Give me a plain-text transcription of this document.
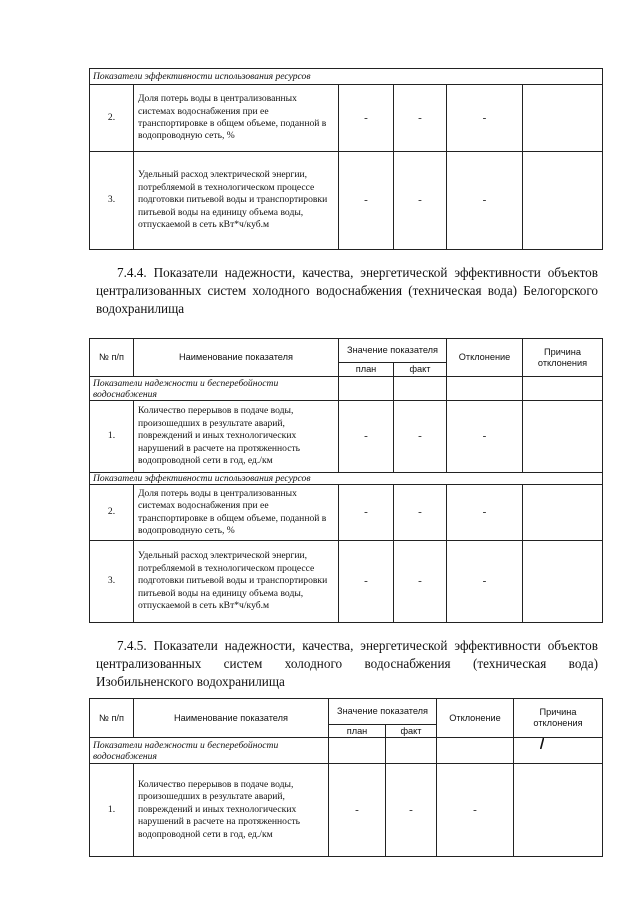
Показатели эффективности использования ресурсов					
2.	Доля потерь воды в централизованных системах водоснабжения при ее транспортировке в общем объеме, поданной в водопроводную сеть, %	-	-	-	
3.	Удельный расход электрической энергии, потребляемой в технологическом процессе подготовки питьевой воды и транспортировки питьевой воды на единицу объема воды, отпускаемой в сеть кВт*ч/куб.м	-	-	-	
7.4.4. Показатели надежности, качества, энергетической эффективности объектов централизованных систем холодного водоснабжения (техническая вода) Белогорского водохранилища
№ п/п	Наименование показателя	Значение показателя		Отклонение	Причина отклонения
		план	факт		
Показатели надежности и бесперебойности водоснабжения					
1.	Количество перерывов в подаче воды, произошедших в результате аварий, повреждений и иных технологических нарушений в расчете на протяженность водопроводной сети в год, ед./км	-	-	-	
Показатели эффективности использования ресурсов					
2.	Доля потерь воды в централизованных системах водоснабжения при ее транспортировке в общем объеме, поданной в водопроводную сеть, %	-	-	-	
3.	Удельный расход электрической энергии, потребляемой в технологическом процессе подготовки питьевой воды и транспортировки питьевой воды на единицу объема воды, отпускаемой в сеть кВт*ч/куб.м	-	-	-	
7.4.5. Показатели надежности, качества, энергетической эффективности объектов централизованных систем холодного водоснабжения (техническая вода) Изобильненского водохранилища
№ п/п	Наименование показателя	Значение показателя		Отклонение	Причина отклонения
		план	факт		
Показатели надежности и бесперебойности водоснабжения					
1.	Количество перерывов в подаче воды, произошедших в результате аварий, повреждений и иных технологических нарушений в расчете на протяженность водопроводной сети в год, ед./км	-	-	-	
